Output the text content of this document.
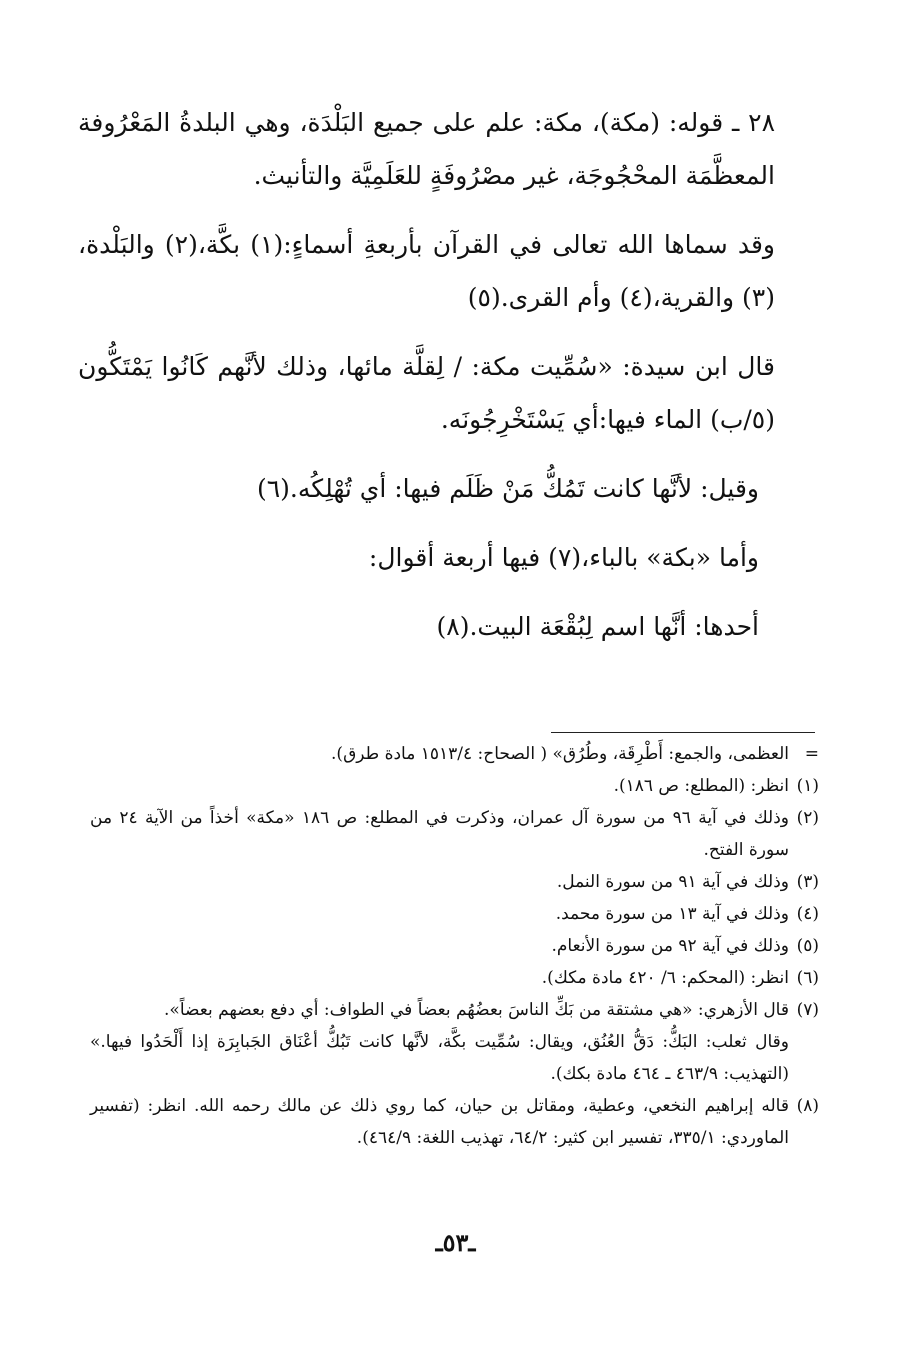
٢٨ ـ قوله: (مكة)، مكة: علم على جميع البَلْدَة، وهي البلدةُ المَعْرُوفة المعظَّمَة المحْجُوجَة، غير مصْرُوفَةٍ للعَلَمِيَّة والتأنيث.

وقد سماها الله تعالى في القرآن بأربعةِ أسماءٍ:(١) بكَّة،(٢) والبَلْدة،(٣) والقرية،(٤) وأم القرى.(٥)

قال ابن سيدة: «سُمِّيت مكة: / لِقلَّة مائها، وذلك لأنَّهم كَانُوا يَمْتَكُّون (٥/ب) الماء فيها:أي يَسْتَخْرِجُونَه.

وقيل: لأنَّها كانت تَمُكُّ مَنْ ظَلَم فيها: أي تُهْلِكُه.(٦)

وأما «بكة» بالباء،(٧) فيها أربعة أقوال:

أحدها: أنَّها اسم لِبُقْعَة البيت.(٨)

=
العظمى، والجمع: أَطْرِقَة، وطُرُق» ( الصحاح: ١٥١٣/٤ مادة طرق).
(١)
انظر: (المطلع: ص ١٨٦).
(٢)
وذلك في آية ٩٦ من سورة آل عمران، وذكرت في المطلع: ص ١٨٦ «مكة» أخذاً من الآية ٢٤ من سورة الفتح.
(٣)
وذلك في آية ٩١ من سورة النمل.
(٤)
وذلك في آية ١٣ من سورة محمد.
(٥)
وذلك في آية ٩٢ من سورة الأنعام.
(٦)
انظر: (المحكم: ٦/ ٤٢٠ مادة مكك).
(٧)
قال الأزهري: «هي مشتقة من بَكِّ الناسَ بعضُهُم بعضاً في الطواف: أي دفع بعضهم بعضاً».

وقال ثعلب: البَكُّ: دَقُّ العُنُق، ويقال: سُمِّيت بكَّة، لأنَّها كانت تَبُكُّ أعْنَاق الجَبابِرَة إذا أَلْحَدُوا فيها.» (التهذيب: ٤٦٣/٩ ـ ٤٦٤ مادة بكك).

(٨)
قاله إبراهيم النخعي، وعطية، ومقاتل بن حيان، كما روي ذلك عن مالك رحمه الله. انظر: (تفسير الماوردي: ٣٣٥/١، تفسير ابن كثير: ٦٤/٢، تهذيب اللغة: ٤٦٤/٩).
ـ٥٣ـ
